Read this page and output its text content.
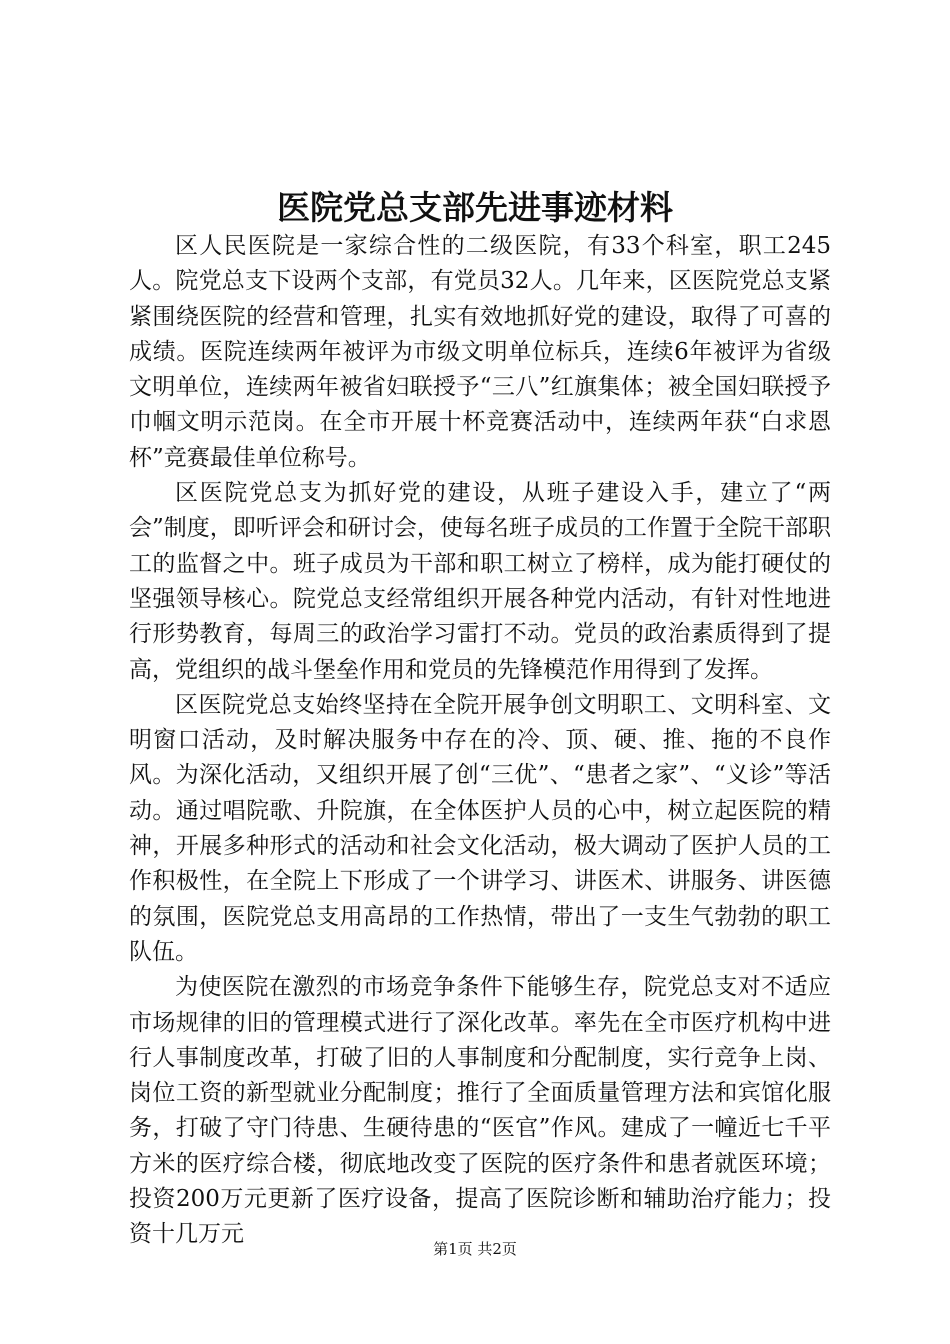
医院党总支部先进事迹材料

区人民医院是一家综合性的二级医院，有33个科室，职工245人。院党总支下设两个支部，有党员32人。几年来，区医院党总支紧紧围绕医院的经营和管理，扎实有效地抓好党的建设，取得了可喜的成绩。医院连续两年被评为市级文明单位标兵，连续6年被评为省级文明单位，连续两年被省妇联授予“三八”红旗集体；被全国妇联授予巾帼文明示范岗。在全市开展十杯竞赛活动中，连续两年获“白求恩杯”竞赛最佳单位称号。

区医院党总支为抓好党的建设，从班子建设入手，建立了“两会”制度，即听评会和研讨会，使每名班子成员的工作置于全院干部职工的监督之中。班子成员为干部和职工树立了榜样，成为能打硬仗的坚强领导核心。院党总支经常组织开展各种党内活动，有针对性地进行形势教育，每周三的政治学习雷打不动。党员的政治素质得到了提高，党组织的战斗堡垒作用和党员的先锋模范作用得到了发挥。

区医院党总支始终坚持在全院开展争创文明职工、文明科室、文明窗口活动，及时解决服务中存在的冷、顶、硬、推、拖的不良作风。为深化活动，又组织开展了创“三优”、“患者之家”、“义诊”等活动。通过唱院歌、升院旗，在全体医护人员的心中，树立起医院的精神，开展多种形式的活动和社会文化活动，极大调动了医护人员的工作积极性，在全院上下形成了一个讲学习、讲医术、讲服务、讲医德的氛围，医院党总支用高昂的工作热情，带出了一支生气勃勃的职工队伍。

为使医院在激烈的市场竞争条件下能够生存，院党总支对不适应市场规律的旧的管理模式进行了深化改革。率先在全市医疗机构中进行人事制度改革，打破了旧的人事制度和分配制度，实行竞争上岗、岗位工资的新型就业分配制度；推行了全面质量管理方法和宾馆化服务，打破了守门待患、生硬待患的“医官”作风。建成了一幢近七千平方米的医疗综合楼，彻底地改变了医院的医疗条件和患者就医环境；投资200万元更新了医疗设备，提高了医院诊断和辅助治疗能力；投资十几万元

第1页 共2页
